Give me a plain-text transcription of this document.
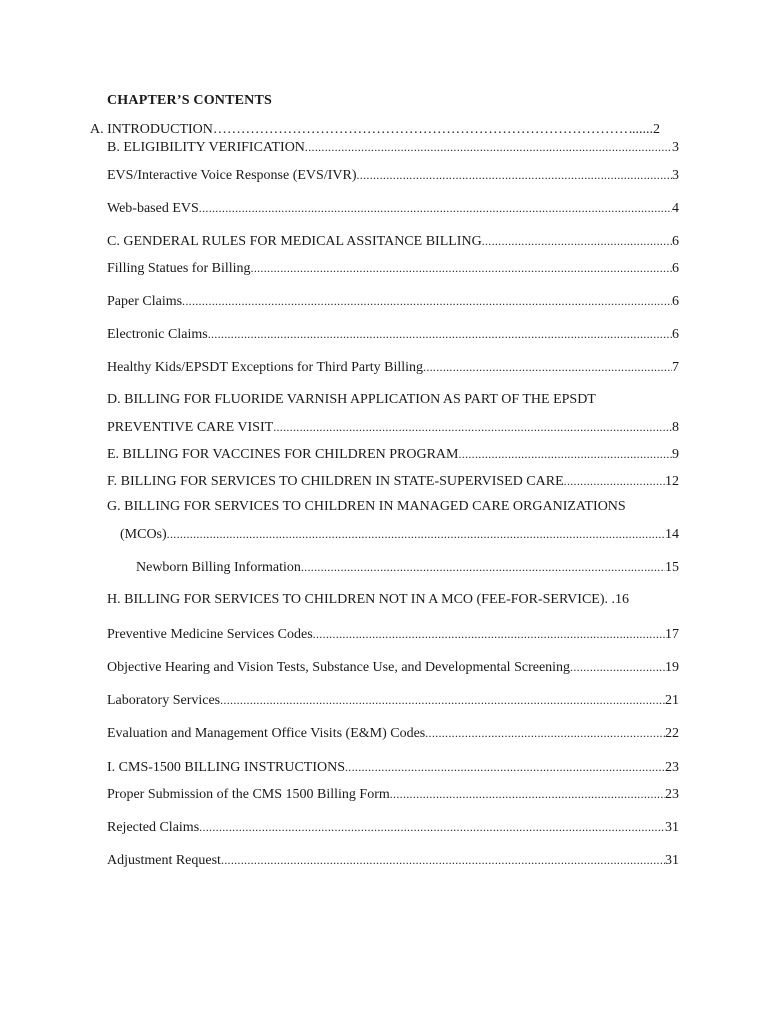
CHAPTER’S CONTENTS
A. INTRODUCTION …………………………………………………………………………………………………………………………………………………………………………………………………………	...... 2
B. ELIGIBILITY VERIFICATION .....	3
EVS/Interactive Voice Response (EVS/IVR) .....	3
Web-based EVS .....	4
C. GENDERAL RULES FOR MEDICAL ASSITANCE BILLING .....	6
Filling Statues for Billing .....	6
Paper Claims .....	6
Electronic Claims .....	6
Healthy Kids/EPSDT Exceptions for Third Party Billing .....	7
D. BILLING FOR FLUORIDE VARNISH APPLICATION AS PART OF THE EPSDT
PREVENTIVE CARE VISIT .....	8
E. BILLING FOR VACCINES FOR CHILDREN PROGRAM .....	9
F. BILLING FOR SERVICES TO CHILDREN IN STATE-SUPERVISED CARE .....	12
G. BILLING FOR SERVICES TO CHILDREN IN MANAGED CARE ORGANIZATIONS
(MCOs) .....	14
Newborn Billing Information .....	15
H. BILLING FOR SERVICES TO CHILDREN NOT IN A MCO (FEE-FOR-SERVICE). . 16
Preventive Medicine Services Codes .....	17
Objective Hearing and Vision Tests, Substance Use, and Developmental Screening .....	19
Laboratory Services .....	21
Evaluation and Management Office Visits (E&M) Codes .....	22
I. CMS-1500 BILLING INSTRUCTIONS .....	23
Proper Submission of the CMS 1500 Billing Form .....	23
Rejected Claims .....	31
Adjustment Request .....	31
